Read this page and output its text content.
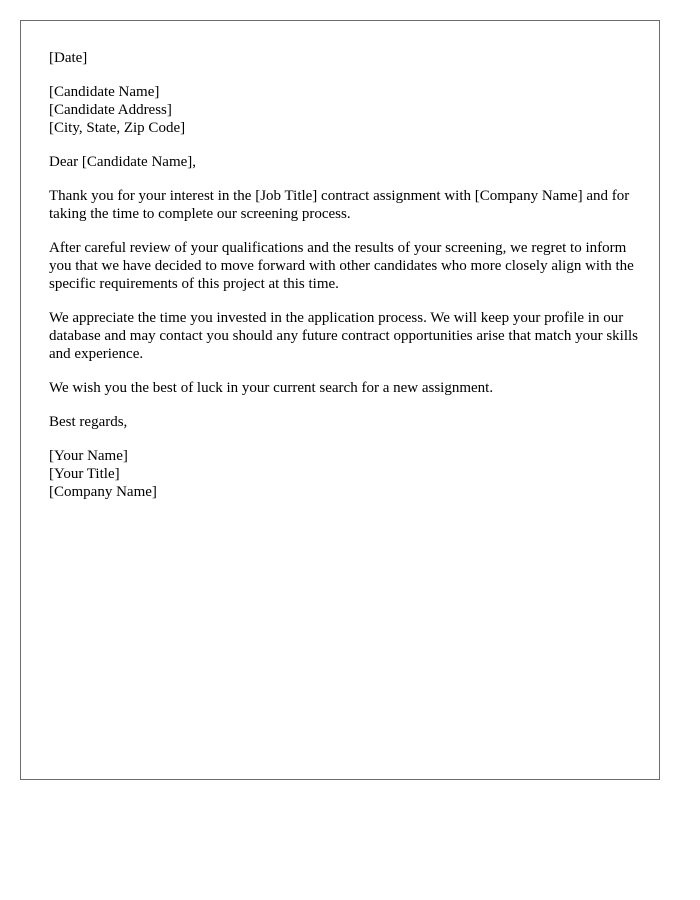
[Date]

[Candidate Name]
[Candidate Address]
[City, State, Zip Code]

Dear [Candidate Name],

Thank you for your interest in the [Job Title] contract assignment with [Company Name] and for taking the time to complete our screening process.

After careful review of your qualifications and the results of your screening, we regret to inform you that we have decided to move forward with other candidates who more closely align with the specific requirements of this project at this time.

We appreciate the time you invested in the application process. We will keep your profile in our database and may contact you should any future contract opportunities arise that match your skills and experience.

We wish you the best of luck in your current search for a new assignment.

Best regards,

[Your Name]
[Your Title]
[Company Name]
